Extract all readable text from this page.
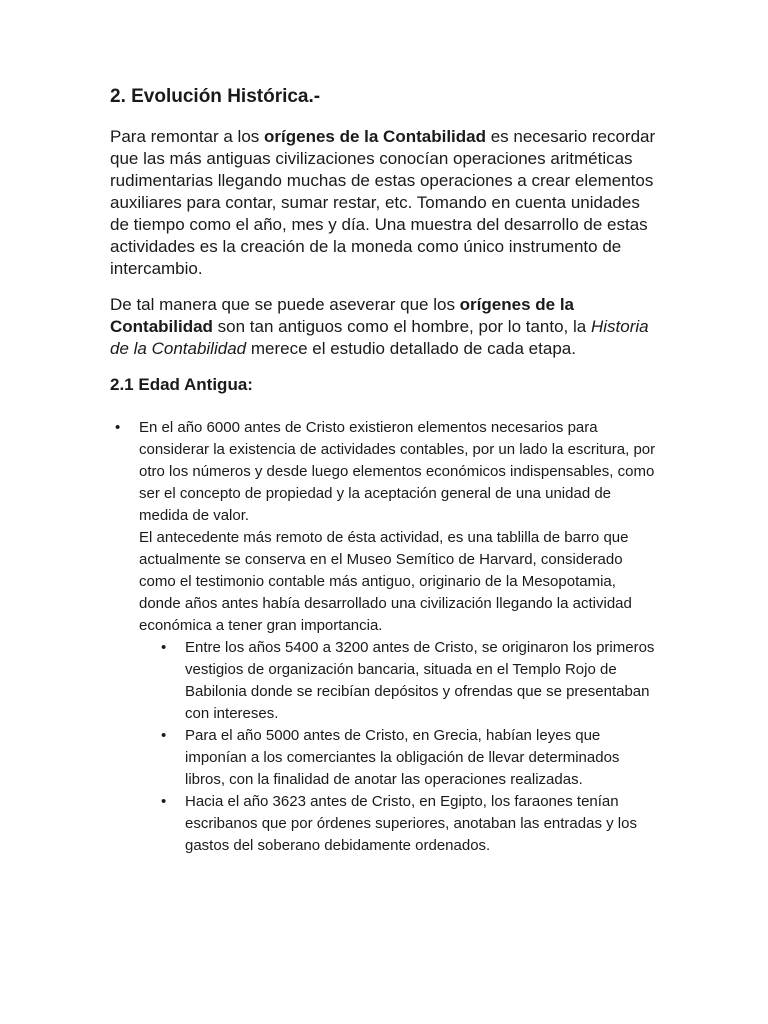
2. Evolución Histórica.-

Para remontar a los orígenes de la Contabilidad es necesario recordar que las más antiguas civilizaciones conocían operaciones aritméticas rudimentarias llegando muchas de estas operaciones a crear elementos auxiliares para contar, sumar restar, etc. Tomando en cuenta unidades de tiempo como el año, mes y día. Una muestra del desarrollo de estas actividades es la creación de la moneda como único instrumento de intercambio.

De tal manera que se puede aseverar que los orígenes de la Contabilidad son tan antiguos como el hombre, por lo tanto, la Historia de la Contabilidad merece el estudio detallado de cada etapa.

2.1 Edad Antigua:
• En el año 6000 antes de Cristo existieron elementos necesarios para considerar la existencia de actividades contables, por un lado la escritura, por otro los números y desde luego elementos económicos indispensables, como ser el concepto de propiedad y la aceptación general de una unidad de medida de valor.
El antecedente más remoto de ésta actividad, es una tablilla de barro que actualmente se conserva en el Museo Semítico de Harvard, considerado como el testimonio contable más antiguo, originario de la Mesopotamia, donde años antes había desarrollado una civilización llegando la actividad económica a tener gran importancia.
• Entre los años 5400 a 3200 antes de Cristo, se originaron los primeros vestigios de organización bancaria, situada en el Templo Rojo de Babilonia donde se recibían depósitos y ofrendas que se presentaban con intereses.
• Para el año 5000 antes de Cristo, en Grecia, habían leyes que imponían a los comerciantes la obligación de llevar determinados libros, con la finalidad de anotar las operaciones realizadas.
• Hacia el año 3623 antes de Cristo, en Egipto, los faraones tenían escribanos que por órdenes superiores, anotaban las entradas y los gastos del soberano debidamente ordenados.
